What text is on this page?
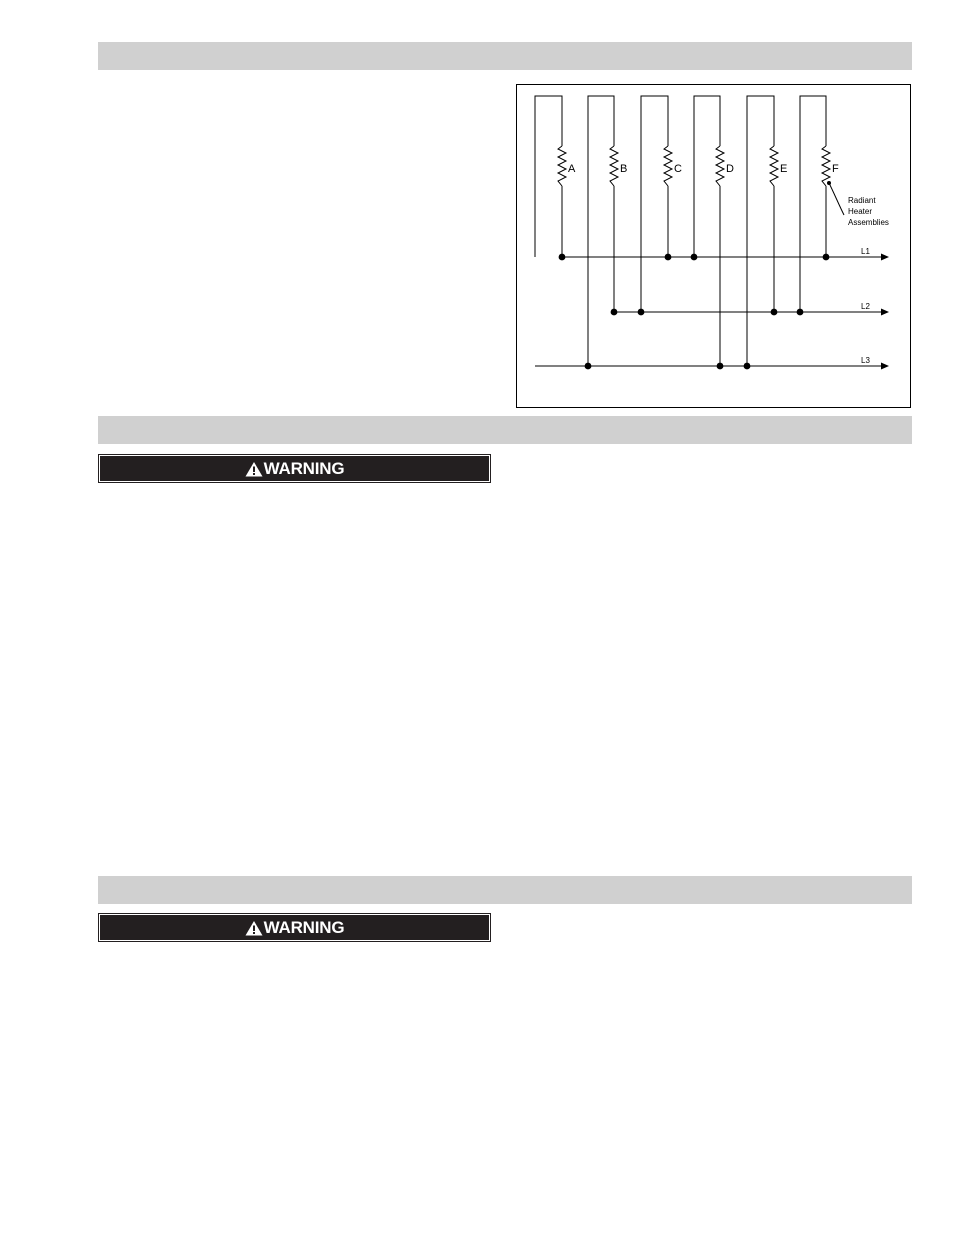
A	B	C	D	E	F
L1
L2
L3
Radiant
Heater
Assemblies
WARNING
WARNING
